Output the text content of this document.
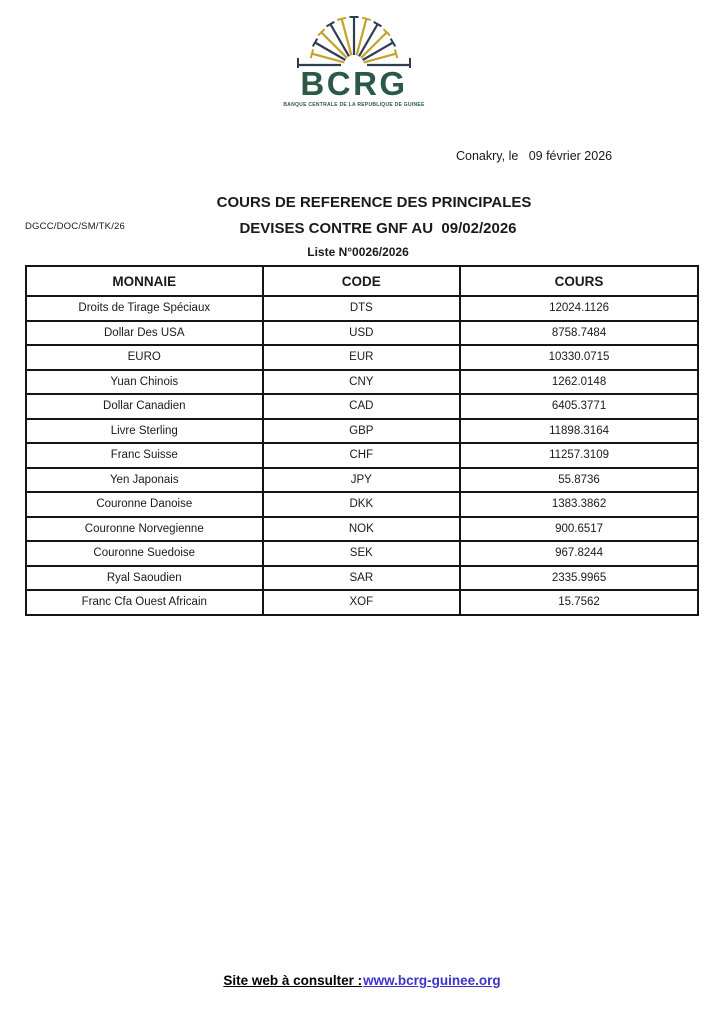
BCRG
BANQUE CENTRALE DE LA REPUBLIQUE DE GUINEE
Conakry, le   09 février 2026
DGCC/DOC/SM/TK/26
COURS DE REFERENCE DES PRINCIPALES
DEVISES CONTRE GNF AU  09/02/2026
Liste N°0026/2026
MONNAIE	CODE	COURS
Droits de Tirage Spéciaux	DTS	12024.1126
Dollar Des USA	USD	8758.7484
EURO	EUR	10330.0715
Yuan Chinois	CNY	1262.0148
Dollar Canadien	CAD	6405.3771
Livre Sterling	GBP	11898.3164
Franc Suisse	CHF	11257.3109
Yen Japonais	JPY	55.8736
Couronne Danoise	DKK	1383.3862
Couronne Norvegienne	NOK	900.6517
Couronne Suedoise	SEK	967.8244
Ryal Saoudien	SAR	2335.9965
Franc Cfa Ouest Africain	XOF	15.7562
Site web à consulter :www.bcrg-guinee.org
